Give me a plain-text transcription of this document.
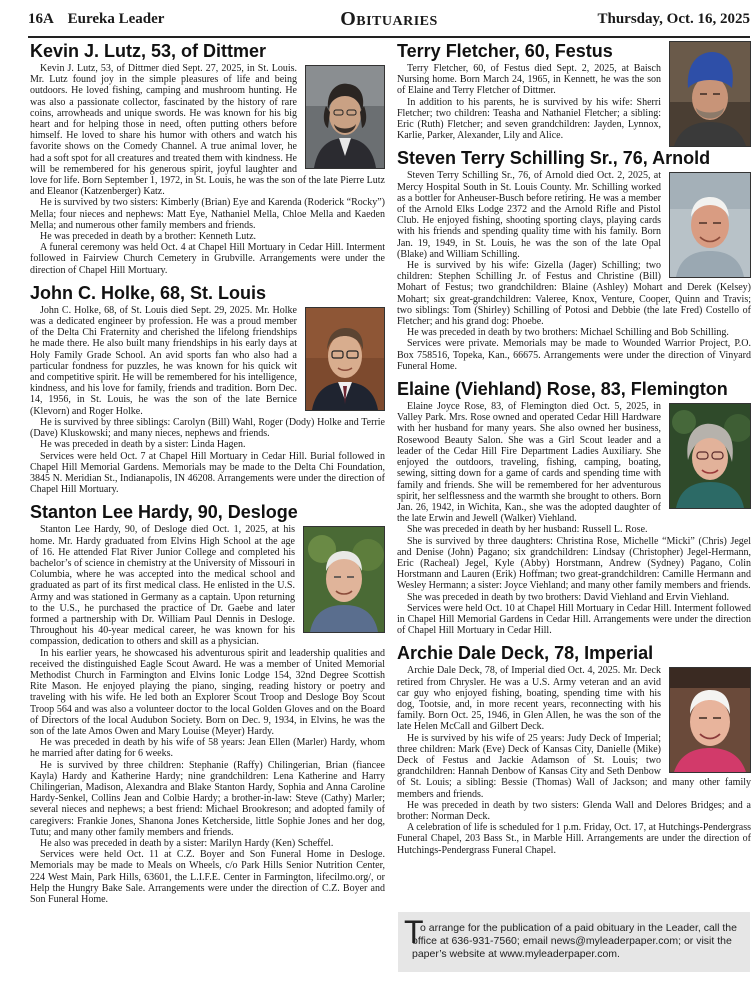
16A Eureka Leader	Obituaries	Thursday, Oct. 16, 2025
Kevin J. Lutz, 53, of Dittmer

Kevin J. Lutz, 53, of Dittmer died Sept. 27, 2025, in St. Louis. Mr. Lutz found joy in the simple pleasures of life and being outdoors. He loved fishing, camping and mushroom hunting. He was also a passionate collector, fascinated by the history of rare coins, arrowheads and unique swords. He was known for his big heart and for helping those in need, often putting others before himself. He loved to share his humor with others and watch his favorite shows on the Comedy Channel. A true animal lover, he had a soft spot for all creatures and treated them with kindness. He will be remembered for his generous spirit, joyful laughter and love for life. Born September 1, 1972, in St. Louis, he was the son of the late Pierre Lutz and Eleanor (Katzenberger) Katz.

He is survived by two sisters: Kimberly (Brian) Eye and Karenda (Roderick “Rocky”) Mella; four nieces and nephews: Matt Eye, Nathaniel Mella, Chloe Mella and Kaeden Mella; and numerous other family members and friends.

He was preceded in death by a brother: Kenneth Lutz.

A funeral ceremony was held Oct. 4 at Chapel Hill Mortuary in Cedar Hill. Interment followed in Fairview Church Cemetery in Grubville. Arrangements were under the direction of Chapel Hill Mortuary.

John C. Holke, 68, St. Louis

John C. Holke, 68, of St. Louis died Sept. 29, 2025. Mr. Holke was a dedicated engineer by profession. He was a proud member of the Delta Chi Fraternity and cherished the lifelong friendships he made there. He also built many friendships in his early days at Holy Family Grade School. An avid sports fan who also had a particular fondness for puzzles, he was known for his quick wit and competitive spirit. He will be remembered for his intelligence, kindness, and his love for family, friends and tradition. Born Dec. 14, 1956, in St. Louis, he was the son of the late Bernice (Klevorn) and Roger Holke.

He is survived by three siblings: Carolyn (Bill) Wahl, Roger (Dody) Holke and Terrie (Dave) Kluskowski; and many nieces, nephews and friends.

He was preceded in death by a sister: Linda Hagen.

Services were held Oct. 7 at Chapel Hill Mortuary in Cedar Hill. Burial followed in Chapel Hill Memorial Gardens. Memorials may be made to the Delta Chi Foundation, 3845 N. Meridian St., Indianapolis, IN 46208. Arrangements were under the direction of Chapel Hill Mortuary.

Stanton Lee Hardy, 90, Desloge

Stanton Lee Hardy, 90, of Desloge died Oct. 1, 2025, at his home. Mr. Hardy graduated from Elvins High School at the age of 16. He attended Flat River Junior College and completed his bachelor’s of science in chemistry at the University of Missouri in Columbia, where he was accepted into the medical school and graduated as part of its first medical class. He enlisted in the U.S. Army and was stationed in Germany as a captain. Upon returning to the U.S., he purchased the practice of Dr. Gaebe and later formed a partnership with Dr. William Paul Dennis in Desloge. Throughout his 40-year medical career, he was known for his compassion, dedication to others and skill as a physician.

In his earlier years, he showcased his adventurous spirit and leadership qualities and received the distinguished Eagle Scout Award. He was a member of United Memorial Methodist Church in Farmington and Elvins Ionic Lodge 154, 32nd Degree Scottish Rite Mason. He enjoyed playing the piano, singing, reading history or poetry and traveling with his wife. He led both an Explorer Scout Troop and Desloge Boy Scout Troop 564 and was also a volunteer doctor to the local Golden Gloves and on the Board of Directors of the local Audubon Society. Born on Dec. 9, 1934, in Elvins, he was the son of the late Amos Owen and Mary Louise (Meyer) Hardy.

He was preceded in death by his wife of 58 years: Jean Ellen (Marler) Hardy, whom he married after dating for 6 weeks.

He is survived by three children: Stephanie (Raffy) Chilingerian, Brian (fiancee Kayla) Hardy and Katherine Hardy; nine grandchildren: Lena Katherine and Harry Chilingerian, Madison, Alexandra and Blake Stanton Hardy, Sophia and Anna Caroline Hardy-Senkel, Collins Jean and Colbie Hardy; a brother-in-law: Steve (Cathy) Marler; several nieces and nephews; a best friend: Michael Brookreson; and adopted family of caregivers: Frankie Jones, Shanona Jones Ketcherside, little Sophie Jones and her dog, Tutu; and many other family members and friends.

He also was preceded in death by a sister: Marilyn Hardy (Ken) Scheffel.

Services were held Oct. 11 at C.Z. Boyer and Son Funeral Home in Desloge. Memorials may be made to Meals on Wheels, c/o Park Hills Senior Nutrition Center, 224 West Main, Park Hills, 63601, the L.I.F.E. Center in Farmington, lifecilmo.org/, or Help the Hungry Bake Sale. Arrangements were under the direction of C.Z. Boyer and Son Funeral Home.

Terry Fletcher, 60, Festus

Terry Fletcher, 60, of Festus died Sept. 2, 2025, at Baisch Nursing home. Born March 24, 1965, in Kennett, he was the son of Elaine and Terry Fletcher of Dittmer.

In addition to his parents, he is survived by his wife: Sherri Fletcher; two children: Teasha and Nathaniel Fletcher; a sibling: Eric (Ruth) Fletcher; and seven grandchildren: Jayden, Lynnox, Karlie, Parker, Alexander, Lily and Alice.

Steven Terry Schilling Sr., 76, Arnold

Steven Terry Schilling Sr., 76, of Arnold died Oct. 2, 2025, at Mercy Hospital South in St. Louis County. Mr. Schilling worked as a bottler for Anheuser-Busch before retiring. He was a member of the Arnold Elks Lodge 2372 and the Arnold Rifle and Pistol Club. He enjoyed fishing, shooting sporting clays, playing cards with his friends and spending quality time with his family. Born Jan. 19, 1949, in St. Louis, he was the son of the late Opal (Blake) and William Schilling.

He is survived by his wife: Gizella (Jager) Schilling; two children: Stephen Schilling Jr. of Festus and Christine (Bill) Mohart of Festus; two grandchildren: Blaine (Ashley) Mohart and Derek (Kelsey) Mohart; six great-grandchildren: Valeree, Knox, Venture, Cooper, Quinn and Travis; two siblings: Tom (Shirley) Schilling of Potosi and Debbie (the late Fred) Costello of Fletcher; and his grand dog: Phoebe.

He was preceded in death by two brothers: Michael Schilling and Bob Schilling.

Services were private. Memorials may be made to Wounded Warrior Project, P.O. Box 758516, Topeka, Kan., 66675. Arrangements were under the direction of Vinyard Funeral Home.

Elaine (Viehland) Rose, 83, Flemington

Elaine Joyce Rose, 83, of Flemington died Oct. 5, 2025, in Valley Park. Mrs. Rose owned and operated Cedar Hill Hardware with her husband for many years. She also owned her business, Rosewood Beauty Salon. She was a Girl Scout leader and a leader of the Cedar Hill Fire Department Ladies Auxiliary. She enjoyed the outdoors, traveling, fishing, camping, boating, sewing, sitting down for a game of cards and spending time with family and friends. She will be remembered for her adventurous spirit, her selflessness and the warmth she brought to others. Born Jan. 26, 1942, in Wichita, Kan., she was the adopted daughter of the late Erwin and Jewell (Walker) Viehland.

She was preceded in death by her husband: Russell L. Rose.

She is survived by three daughters: Christina Rose, Michelle “Micki” (Chris) Jegel and Denise (John) Pagano; six grandchildren: Lindsay (Christopher) Jegel-Hermann, Eric (Racheal) Jegel, Kyle (Abby) Horstmann, Andrew (Sydney) Pagano, Colin Horstmann and Lauren (Erik) Hoffman; two great-grandchildren: Camille Hermann and Wesley Hermann; a sister: Joyce Viehland; and many other family members and friends.

She was preceded in death by two brothers: David Viehland and Ervin Viehland.

Services were held Oct. 10 at Chapel Hill Mortuary in Cedar Hill. Interment followed in Chapel Hill Memorial Gardens in Cedar Hill. Arrangements were under the direction of Chapel Hill Mortuary in Cedar Hill.

Archie Dale Deck, 78, Imperial

Archie Dale Deck, 78, of Imperial died Oct. 4, 2025. Mr. Deck retired from Chrysler. He was a U.S. Army veteran and an avid car guy who enjoyed fishing, boating, spending time with his dog, Tootsie, and, in more recent years, reconnecting with his family. Born Oct. 25, 1946, in Glen Allen, he was the son of the late Helen McCall and Gilbert Deck.

He is survived by his wife of 25 years: Judy Deck of Imperial; three children: Mark (Eve) Deck of Kansas City, Danielle (Mike) Deck of Festus and Jackie Adamson of St. Louis; two grandchildren: Hannah Denbow of Kansas City and Seth Denbow of St. Louis; a sibling: Bessie (Thomas) Wall of Jackson; and many other family members and friends.

He was preceded in death by two sisters: Glenda Wall and Delores Bridges; and a brother: Norman Deck.

A celebration of life is scheduled for 1 p.m. Friday, Oct. 17, at Hutchings-Pendergrass Funeral Chapel, 203 Bass St., in Marble Hill. Arrangements are under the direction of Hutchings-Pendergrass Funeral Chapel.

T
o arrange for the publication of a paid obituary in the Leader, call the office at 636-931-7560; email news@myleaderpaper.com; or visit the paper’s website at www.myleaderpaper.com.
